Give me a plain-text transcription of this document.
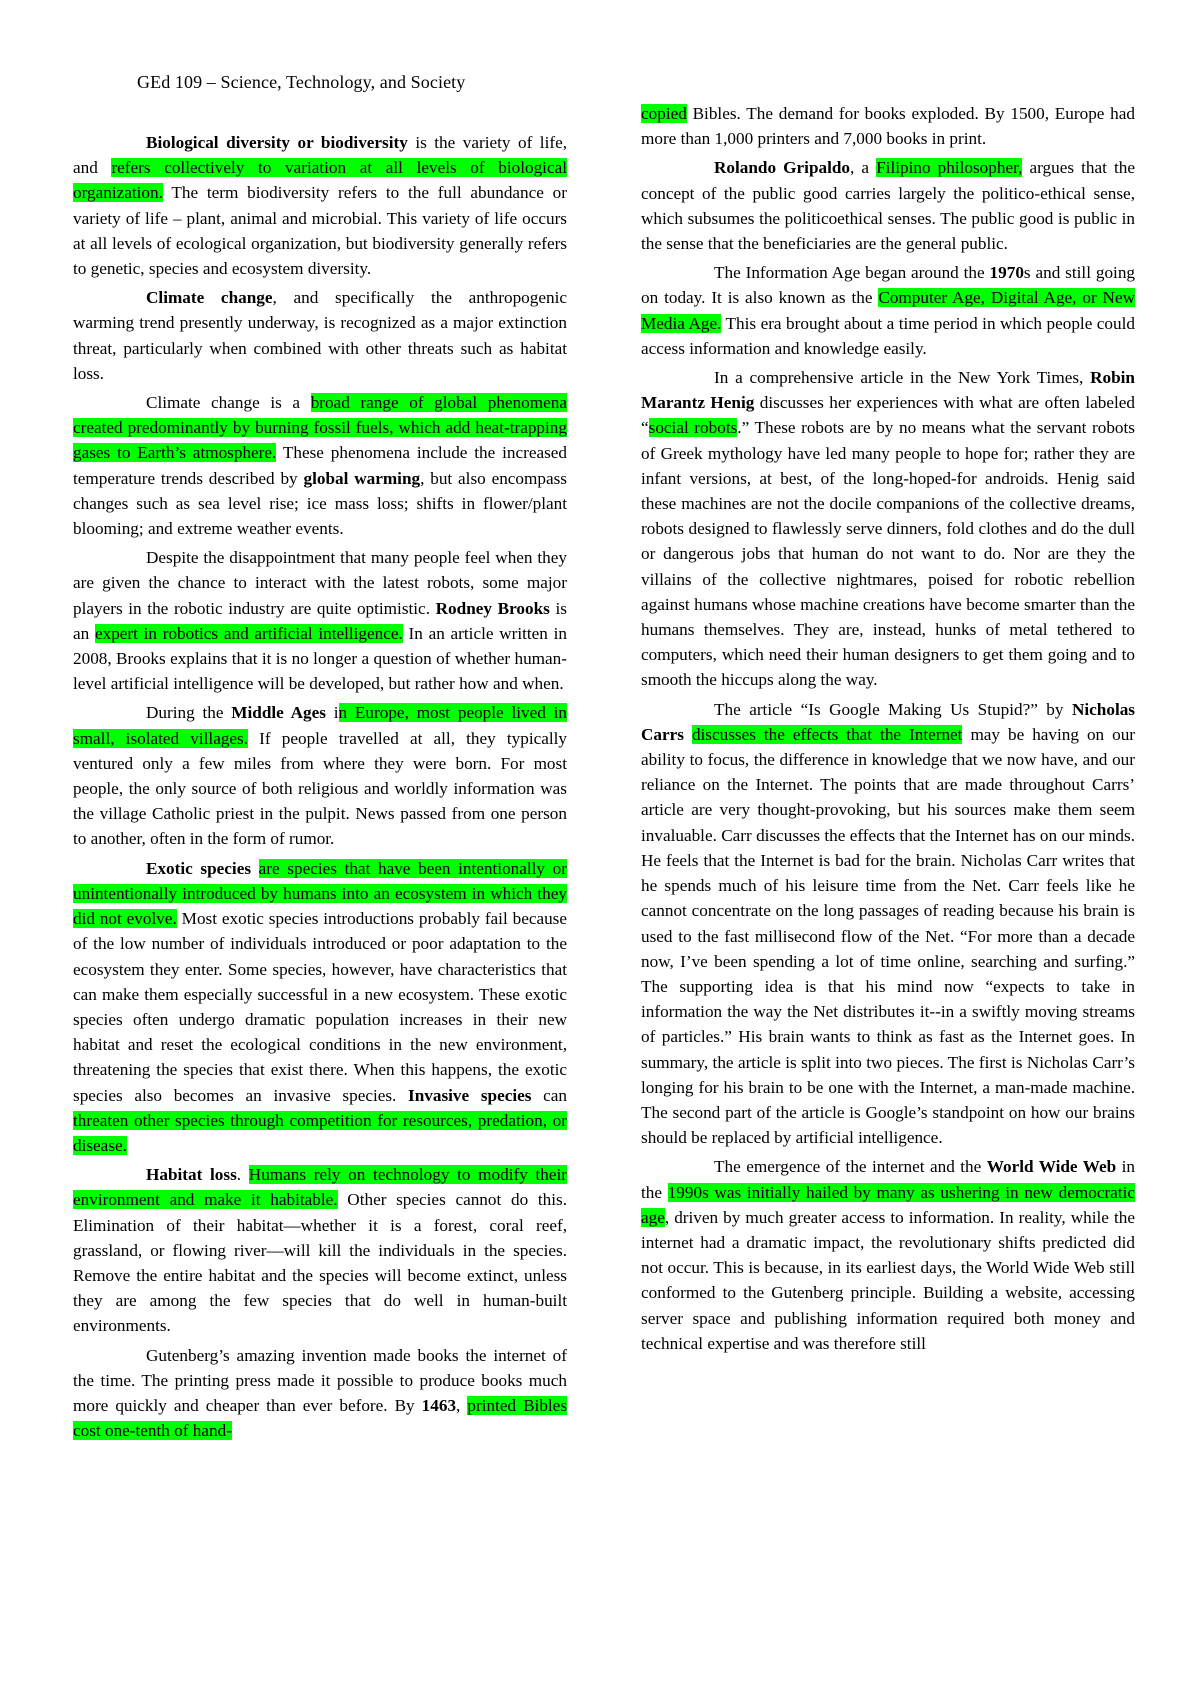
GEd 109 – Science, Technology, and Society

Biological diversity or biodiversity is the variety of life, and refers collectively to variation at all levels of biological organization. The term biodiversity refers to the full abundance or variety of life – plant, animal and microbial. This variety of life occurs at all levels of ecological organization, but biodiversity generally refers to genetic, species and ecosystem diversity.

Climate change, and specifically the anthropogenic warming trend presently underway, is recognized as a major extinction threat, particularly when combined with other threats such as habitat loss.

Climate change is a broad range of global phenomena created predominantly by burning fossil fuels, which add heat-trapping gases to Earth’s atmosphere. These phenomena include the increased temperature trends described by global warming, but also encompass changes such as sea level rise; ice mass loss; shifts in flower/plant blooming; and extreme weather events.

Despite the disappointment that many people feel when they are given the chance to interact with the latest robots, some major players in the robotic industry are quite optimistic. Rodney Brooks is an expert in robotics and artificial intelligence. In an article written in 2008, Brooks explains that it is no longer a question of whether human-level artificial intelligence will be developed, but rather how and when.

During the Middle Ages in Europe, most people lived in small, isolated villages. If people travelled at all, they typically ventured only a few miles from where they were born. For most people, the only source of both religious and worldly information was the village Catholic priest in the pulpit. News passed from one person to another, often in the form of rumor.

Exotic species are species that have been intentionally or unintentionally introduced by humans into an ecosystem in which they did not evolve. Most exotic species introductions probably fail because of the low number of individuals introduced or poor adaptation to the ecosystem they enter. Some species, however, have characteristics that can make them especially successful in a new ecosystem. These exotic species often undergo dramatic population increases in their new habitat and reset the ecological conditions in the new environment, threatening the species that exist there. When this happens, the exotic species also becomes an invasive species. Invasive species can threaten other species through competition for resources, predation, or disease.

Habitat loss. Humans rely on technology to modify their environment and make it habitable. Other species cannot do this. Elimination of their habitat—whether it is a forest, coral reef, grassland, or flowing river—will kill the individuals in the species. Remove the entire habitat and the species will become extinct, unless they are among the few species that do well in human-built environments.

Gutenberg’s amazing invention made books the internet of the time. The printing press made it possible to produce books much more quickly and cheaper than ever before. By 1463, printed Bibles cost one-tenth of hand-

copied Bibles. The demand for books exploded. By 1500, Europe had more than 1,000 printers and 7,000 books in print.

Rolando Gripaldo, a Filipino philosopher, argues that the concept of the public good carries largely the politico-ethical sense, which subsumes the politicoethical senses. The public good is public in the sense that the beneficiaries are the general public.

The Information Age began around the 1970s and still going on today. It is also known as the Computer Age, Digital Age, or New Media Age. This era brought about a time period in which people could access information and knowledge easily.

In a comprehensive article in the New York Times, Robin Marantz Henig discusses her experiences with what are often labeled “social robots.” These robots are by no means what the servant robots of Greek mythology have led many people to hope for; rather they are infant versions, at best, of the long-hoped-for androids. Henig said these machines are not the docile companions of the collective dreams, robots designed to flawlessly serve dinners, fold clothes and do the dull or dangerous jobs that human do not want to do. Nor are they the villains of the collective nightmares, poised for robotic rebellion against humans whose machine creations have become smarter than the humans themselves. They are, instead, hunks of metal tethered to computers, which need their human designers to get them going and to smooth the hiccups along the way.

The article “Is Google Making Us Stupid?” by Nicholas Carrs discusses the effects that the Internet may be having on our ability to focus, the difference in knowledge that we now have, and our reliance on the Internet. The points that are made throughout Carrs’ article are very thought-provoking, but his sources make them seem invaluable. Carr discusses the effects that the Internet has on our minds. He feels that the Internet is bad for the brain. Nicholas Carr writes that he spends much of his leisure time from the Net. Carr feels like he cannot concentrate on the long passages of reading because his brain is used to the fast millisecond flow of the Net. “For more than a decade now, I’ve been spending a lot of time online, searching and surfing.” The supporting idea is that his mind now “expects to take in information the way the Net distributes it--in a swiftly moving streams of particles.” His brain wants to think as fast as the Internet goes. In summary, the article is split into two pieces. The first is Nicholas Carr’s longing for his brain to be one with the Internet, a man-made machine. The second part of the article is Google’s standpoint on how our brains should be replaced by artificial intelligence.

The emergence of the internet and the World Wide Web in the 1990s was initially hailed by many as ushering in new democratic age, driven by much greater access to information. In reality, while the internet had a dramatic impact, the revolutionary shifts predicted did not occur. This is because, in its earliest days, the World Wide Web still conformed to the Gutenberg principle. Building a website, accessing server space and publishing information required both money and technical expertise and was therefore still
